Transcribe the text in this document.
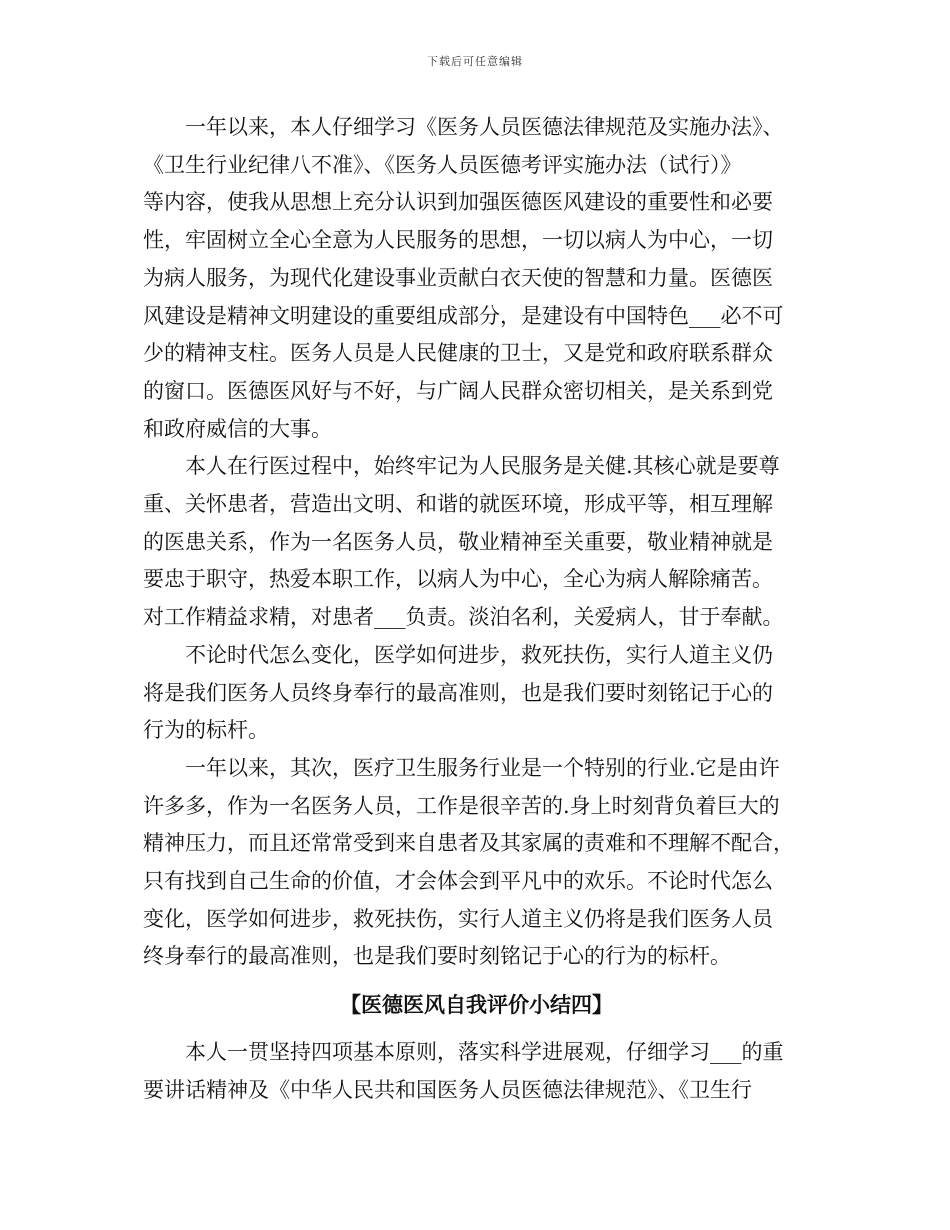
下载后可任意编辑

　　一年以来，本人仔细学习《医务人员医德法律规范及实施办法》、

《卫生行业纪律八不准》、《医务人员医德考评实施办法（试行）》

等内容，使我从思想上充分认识到加强医德医风建设的重要性和必要

性，牢固树立全心全意为人民服务的思想，一切以病人为中心，一切

为病人服务，为现代化建设事业贡献白衣天使的智慧和力量。医德医

风建设是精神文明建设的重要组成部分，是建设有中国特色___必不可

少的精神支柱。医务人员是人民健康的卫士，又是党和政府联系群众

的窗口。医德医风好与不好，与广阔人民群众密切相关，是关系到党

和政府威信的大事。

　　本人在行医过程中，始终牢记为人民服务是关健.其核心就是要尊

重、关怀患者，营造出文明、和谐的就医环境，形成平等，相互理解

的医患关系，作为一名医务人员，敬业精神至关重要，敬业精神就是

要忠于职守，热爱本职工作，以病人为中心，全心为病人解除痛苦。

对工作精益求精，对患者___负责。淡泊名利，关爱病人，甘于奉献。

　　不论时代怎么变化，医学如何进步，救死扶伤，实行人道主义仍

将是我们医务人员终身奉行的最高准则，也是我们要时刻铭记于心的

行为的标杆。

　　一年以来，其次，医疗卫生服务行业是一个特别的行业.它是由许

许多多，作为一名医务人员，工作是很辛苦的.身上时刻背负着巨大的

精神压力，而且还常常受到来自患者及其家属的责难和不理解不配合，

只有找到自己生命的价值，才会体会到平凡中的欢乐。不论时代怎么

变化，医学如何进步，救死扶伤，实行人道主义仍将是我们医务人员

终身奉行的最高准则，也是我们要时刻铭记于心的行为的标杆。

【医德医风自我评价小结四】

　　本人一贯坚持四项基本原则，落实科学进展观，仔细学习___的重

要讲话精神及《中华人民共和国医务人员医德法律规范》、《卫生行
